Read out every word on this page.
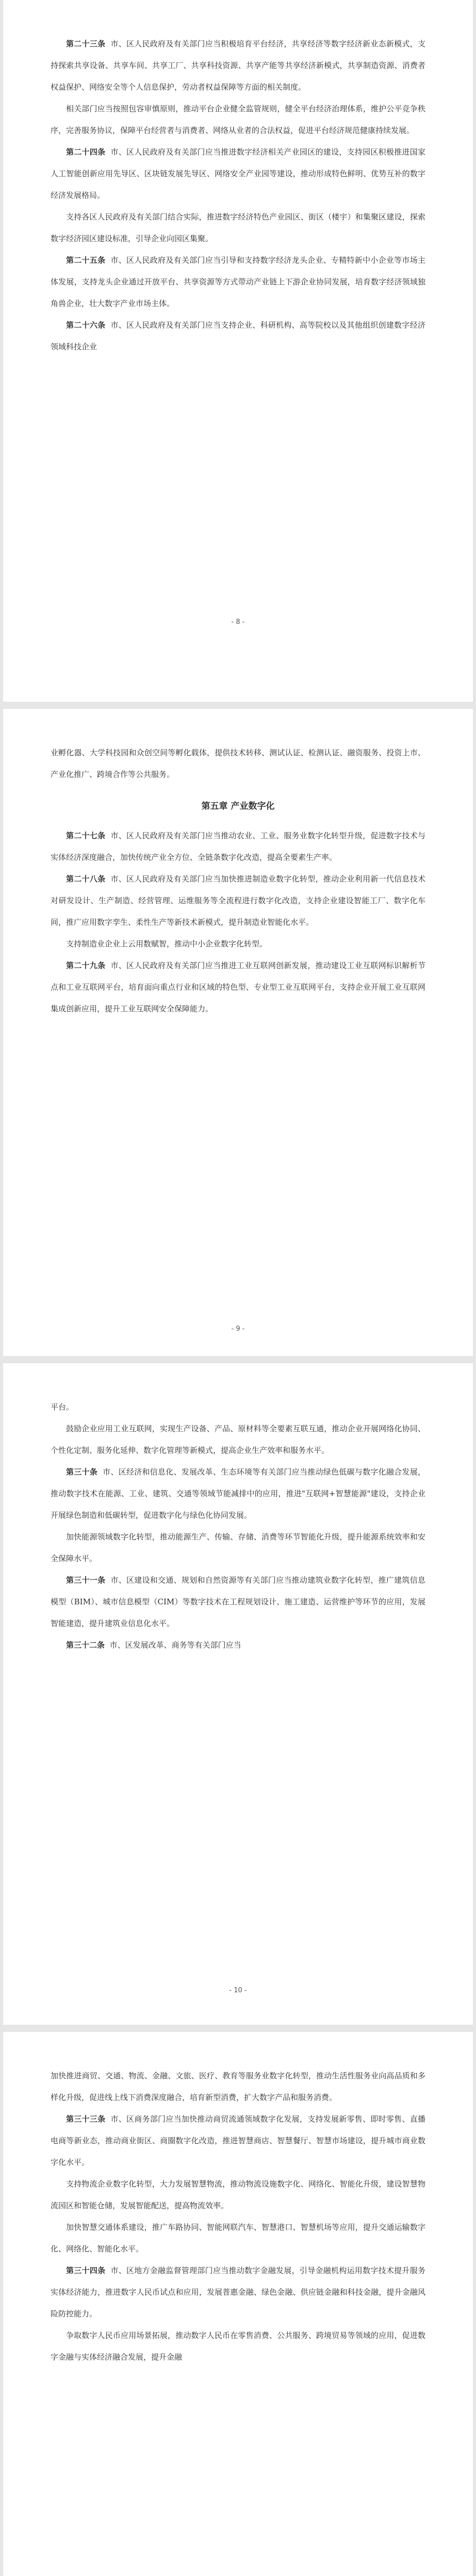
第二十三条 市、区人民政府及有关部门应当积极培育平台经济，共享经济等数字经济新业态新模式，支持探索共享设备、共享车间、共享工厂、共享科技资源、共享产能等共享经济新模式，共享制造资源、消费者权益保护、网络安全等个人信息保护，劳动者权益保障等方面的相关制度。

相关部门应当按照包容审慎原则，推动平台企业健全监管规则，健全平台经济治理体系，维护公平竞争秩序，完善服务协议，保障平台经营者与消费者、网络从业者的合法权益，促进平台经济规范健康持续发展。

第二十四条 市、区人民政府及有关部门应当推进数字经济相关产业园区的建设，支持园区积极推进国家人工智能创新应用先导区、区块链发展先导区、网络安全产业园等建设，推动形成特色鲜明、优势互补的数字经济发展格局。

支持各区人民政府及有关部门结合实际，推进数字经济特色产业园区、街区（楼宇）和集聚区建设，探索数字经济园区建设标准，引导企业向园区集聚。

第二十五条 市、区人民政府及有关部门应当引导和支持数字经济龙头企业、专精特新中小企业等市场主体发展，支持龙头企业通过开放平台、共享资源等方式带动产业链上下游企业协同发展，培育数字经济领域独角兽企业，壮大数字产业市场主体。

第二十六条 市、区人民政府及有关部门应当支持企业、科研机构、高等院校以及其他组织创建数字经济领域科技企业

- 8 -

业孵化器、大学科技园和众创空间等孵化载体，提供技术转移、测试认证、检测认证、融资服务、投资上市、产业化推广、跨境合作等公共服务。

第五章 产业数字化

第二十七条 市、区人民政府及有关部门应当推动农业、工业、服务业数字化转型升级，促进数字技术与实体经济深度融合，加快传统产业全方位、全链条数字化改造，提高全要素生产率。

第二十八条 市、区人民政府及有关部门应当加快推进制造业数字化转型，推动企业利用新一代信息技术对研发设计、生产制造、经营管理、运维服务等全流程进行数字化改造，支持企业建设智能工厂、数字化车间，推广应用数字孪生、柔性生产等新技术新模式，提升制造业智能化水平。

支持制造业企业上云用数赋智，推动中小企业数字化转型。

第二十九条 市、区人民政府及有关部门应当推进工业互联网创新发展，推动建设工业互联网标识解析节点和工业互联网平台，培育面向重点行业和区域的特色型、专业型工业互联网平台，支持企业开展工业互联网集成创新应用，提升工业互联网安全保障能力。

- 9 -

平台。

鼓励企业应用工业互联网，实现生产设备、产品、原材料等全要素互联互通，推动企业开展网络化协同、个性化定制、服务化延伸、数字化管理等新模式，提高企业生产效率和服务水平。

第三十条 市、区经济和信息化、发展改革、生态环境等有关部门应当推动绿色低碳与数字化融合发展，推动数字技术在能源、工业、建筑、交通等领域节能减排中的应用，推进"互联网+智慧能源"建设，支持企业开展绿色制造和低碳转型，促进数字化与绿色化协同发展。

加快能源领域数字化转型，推动能源生产、传输、存储、消费等环节智能化升级，提升能源系统效率和安全保障水平。

第三十一条 市、区建设和交通、规划和自然资源等有关部门应当推动建筑业数字化转型，推广建筑信息模型（BIM）、城市信息模型（CIM）等数字技术在工程规划设计、施工建造、运营维护等环节的应用，发展智能建造，提升建筑业信息化水平。

第三十二条 市、区发展改革、商务等有关部门应当

- 10 -

加快推进商贸、交通、物流、金融、文旅、医疗、教育等服务业数字化转型，推动生活性服务业向高品质和多样化升级，促进线上线下消费深度融合，培育新型消费，扩大数字产品和服务消费。

第三十三条 市、区商务部门应当加快推动商贸流通领域数字化发展，支持发展新零售、即时零售、直播电商等新业态，推动商业街区、商圈数字化改造，推进智慧商店、智慧餐厅、智慧市场建设，提升城市商业数字化水平。

支持物流企业数字化转型，大力发展智慧物流，推动物流设施数字化、网络化、智能化升级，建设智慧物流园区和智能仓储，发展智能配送，提高物流效率。

加快智慧交通体系建设，推广车路协同、智能网联汽车、智慧港口、智慧机场等应用，提升交通运输数字化、网络化、智能化水平。

第三十四条 市、区地方金融监督管理部门应当推动数字金融发展，引导金融机构运用数字技术提升服务实体经济能力，推进数字人民币试点和应用，发展普惠金融、绿色金融、供应链金融和科技金融，提升金融风险防控能力。

争取数字人民币应用场景拓展，推动数字人民币在零售消费、公共服务、跨境贸易等领域的应用，促进数字金融与实体经济融合发展，提升金融
